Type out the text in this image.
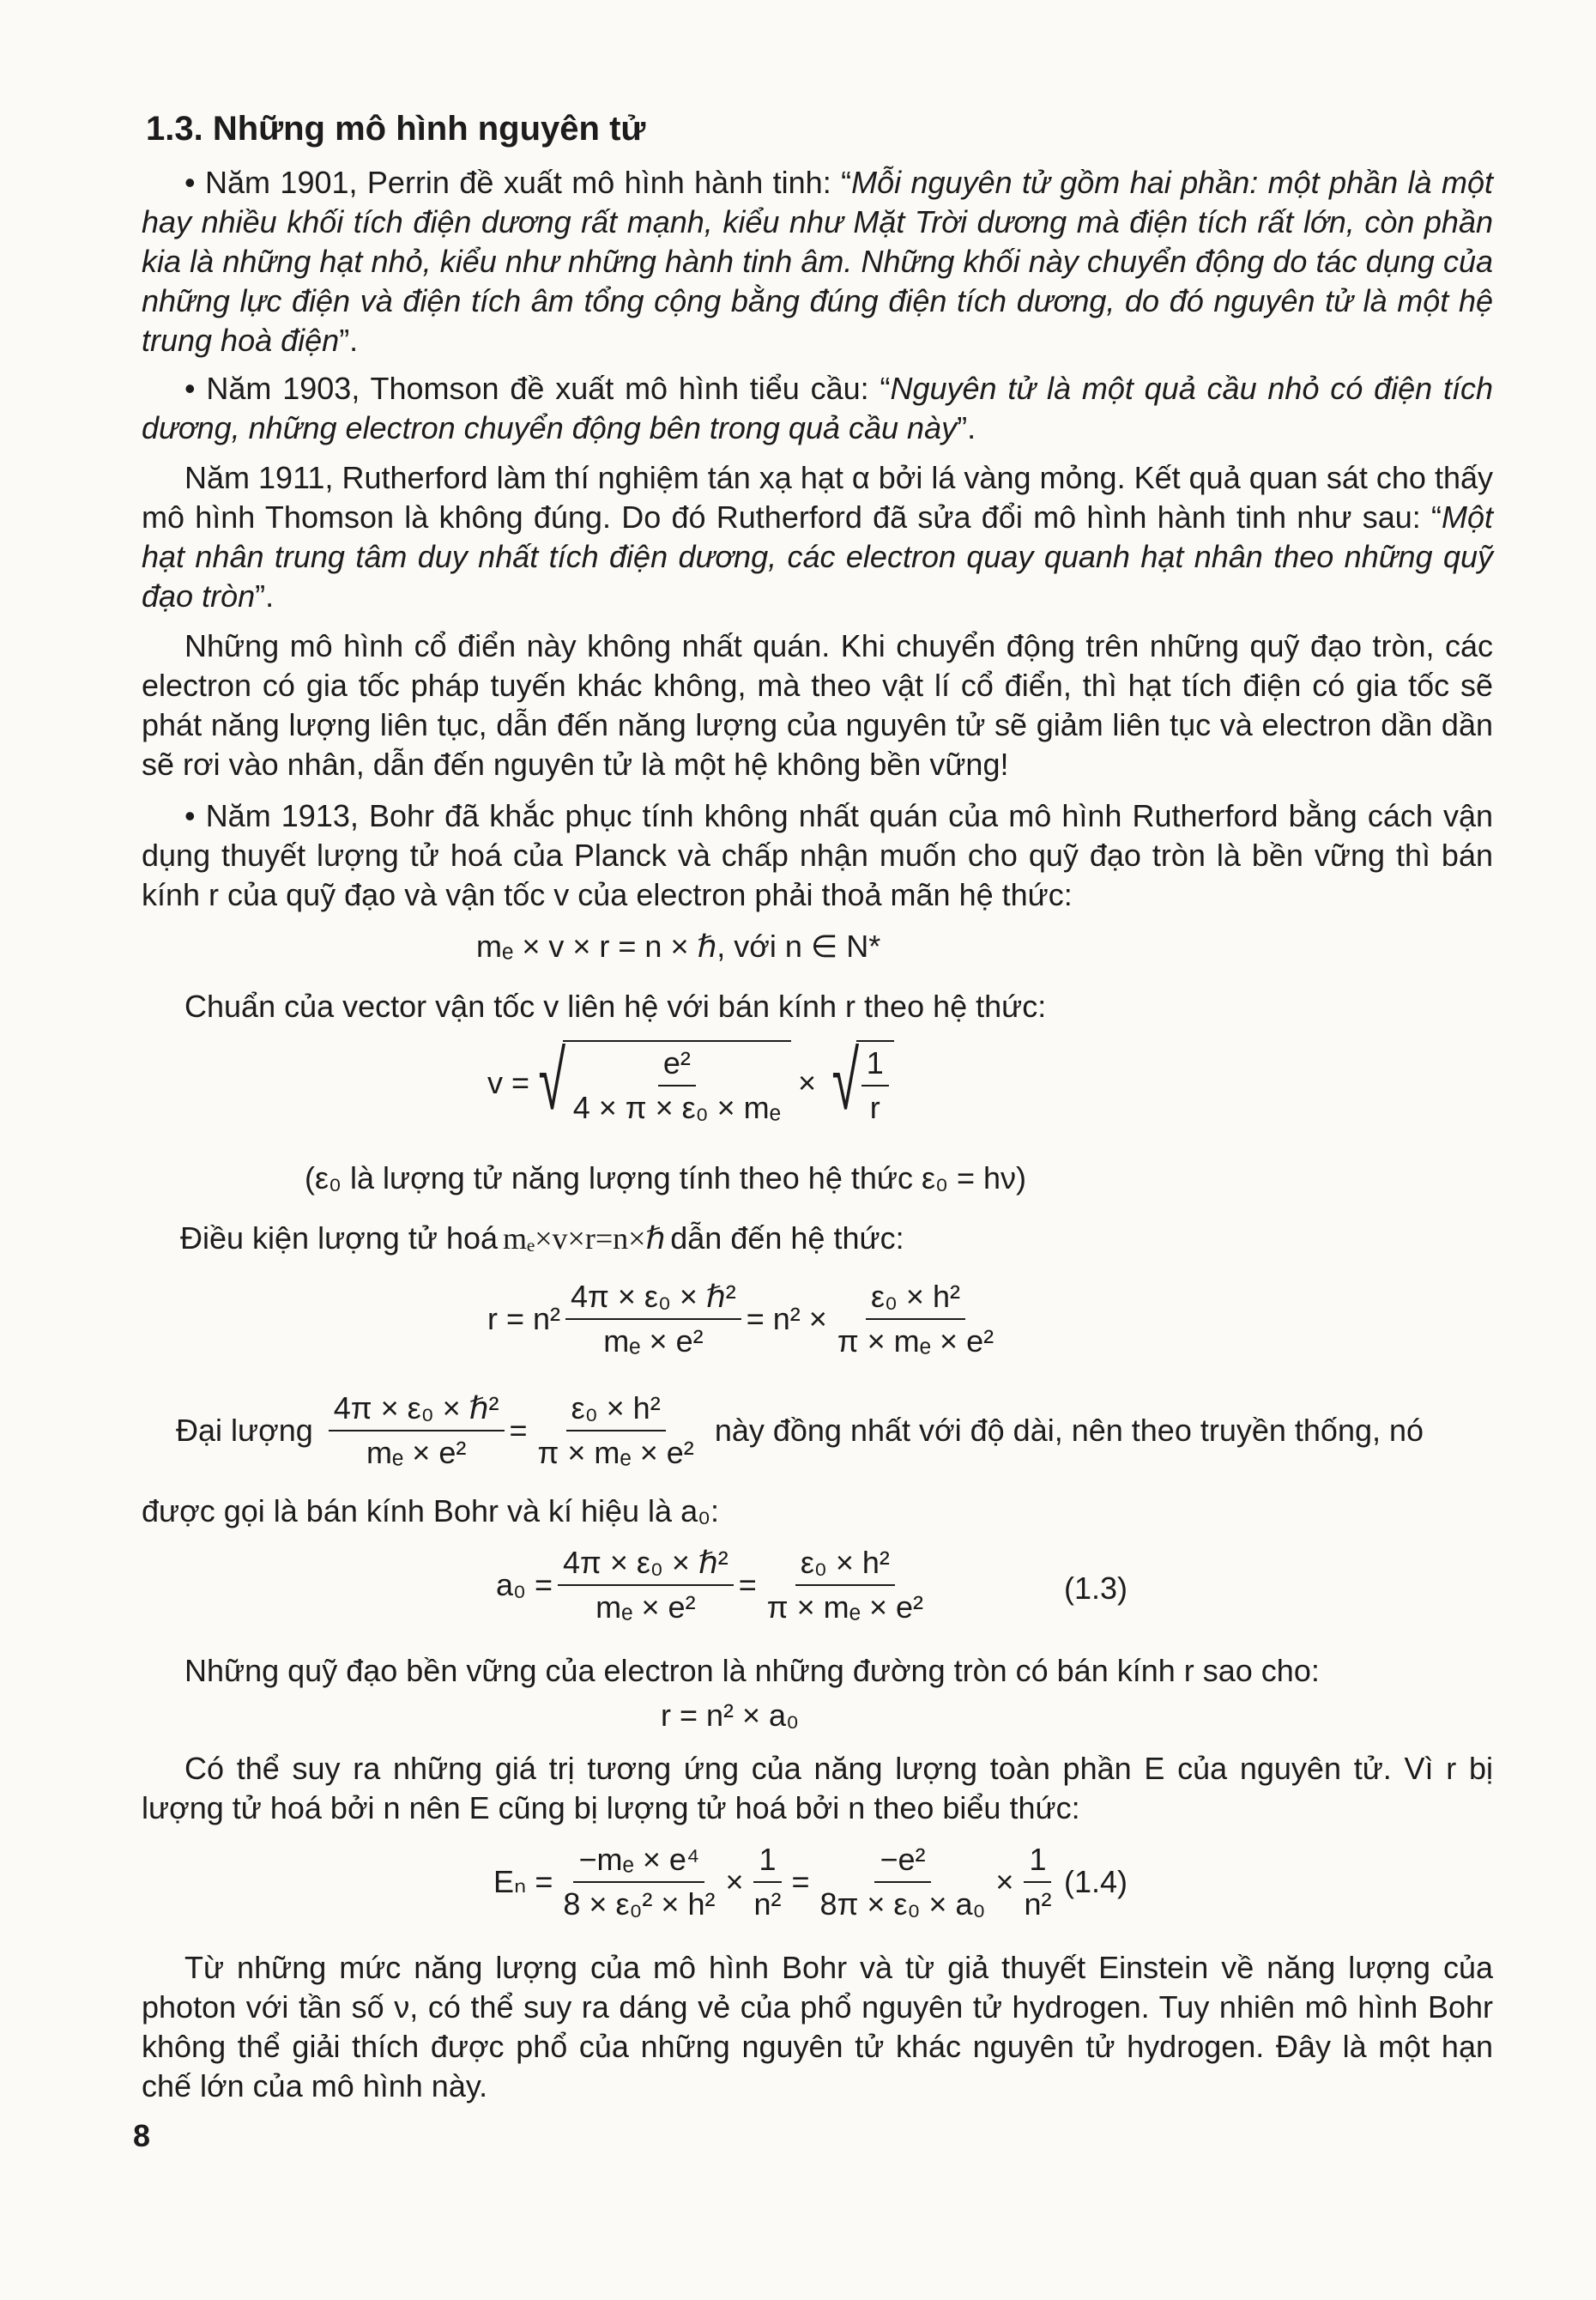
1.3. Những mô hình nguyên tử

• Năm 1901, Perrin đề xuất mô hình hành tinh: “Mỗi nguyên tử gồm hai phần: một phần là một hay nhiều khối tích điện dương rất mạnh, kiểu như Mặt Trời dương mà điện tích rất lớn, còn phần kia là những hạt nhỏ, kiểu như những hành tinh âm. Những khối này chuyển động do tác dụng của những lực điện và điện tích âm tổng cộng bằng đúng điện tích dương, do đó nguyên tử là một hệ trung hoà điện”.

• Năm 1903, Thomson đề xuất mô hình tiểu cầu: “Nguyên tử là một quả cầu nhỏ có điện tích dương, những electron chuyển động bên trong quả cầu này”.

Năm 1911, Rutherford làm thí nghiệm tán xạ hạt α bởi lá vàng mỏng. Kết quả quan sát cho thấy mô hình Thomson là không đúng. Do đó Rutherford đã sửa đổi mô hình hành tinh như sau: “Một hạt nhân trung tâm duy nhất tích điện dương, các electron quay quanh hạt nhân theo những quỹ đạo tròn”.

Những mô hình cổ điển này không nhất quán. Khi chuyển động trên những quỹ đạo tròn, các electron có gia tốc pháp tuyến khác không, mà theo vật lí cổ điển, thì hạt tích điện có gia tốc sẽ phát năng lượng liên tục, dẫn đến năng lượng của nguyên tử sẽ giảm liên tục và electron dần dần sẽ rơi vào nhân, dẫn đến nguyên tử là một hệ không bền vững!

• Năm 1913, Bohr đã khắc phục tính không nhất quán của mô hình Rutherford bằng cách vận dụng thuyết lượng tử hoá của Planck và chấp nhận muốn cho quỹ đạo tròn là bền vững thì bán kính r của quỹ đạo và vận tốc v của electron phải thoả mãn hệ thức:

mₑ × v × r = n × ℏ, với n ∈ N*

Chuẩn của vector vận tốc v liên hệ với bán kính r theo hệ thức:

v = √ $\frac{\text{e²}}{\text{4 × π × ε₀ × mₑ}}$ × √ $\frac{1}{r}$
(ε₀ là lượng tử năng lượng tính theo hệ thức ε₀ = hν)
Điều kiện lượng tử hoá mₑ×v×r=n×ℏ dẫn đến hệ thức:
$r = n^2 \frac{\text{4π × ε₀ × ℏ²}}{\text{mₑ × e²}} = n^2 \times \frac{\text{ε₀ × h²}}{\text{π × mₑ × e²}}$
Đại lượng $\frac{\text{4π × ε₀ × ℏ²}}{\text{mₑ × e²}} = \frac{\text{ε₀ × h²}}{\text{π × mₑ × e²}}$ này đồng nhất với độ dài, nên theo truyền thống, nó

được gọi là bán kính Bohr và kí hiệu là a₀:

$a_0 = \frac{\text{4π × ε₀ × ℏ²}}{\text{mₑ × e²}} = \frac{\text{ε₀ × h²}}{\text{π × mₑ × e²}}$	(1.3)

Những quỹ đạo bền vững của electron là những đường tròn có bán kính r sao cho:

r = n² × a₀

Có thể suy ra những giá trị tương ứng của năng lượng toàn phần E của nguyên tử. Vì r bị lượng tử hoá bởi n nên E cũng bị lượng tử hoá bởi n theo biểu thức:

$E_n = \frac{\text{−mₑ × e⁴}}{\text{8 × ε₀² × h²}} \times \frac{1}{\text{n²}} = \frac{\text{−e²}}{\text{8π × ε₀ × a₀}} \times \frac{1}{\text{n²}} (1.4)$

Từ những mức năng lượng của mô hình Bohr và từ giả thuyết Einstein về năng lượng của photon với tần số ν, có thể suy ra dáng vẻ của phổ nguyên tử hydrogen. Tuy nhiên mô hình Bohr không thể giải thích được phổ của những nguyên tử khác nguyên tử hydrogen. Đây là một hạn chế lớn của mô hình này.

8
